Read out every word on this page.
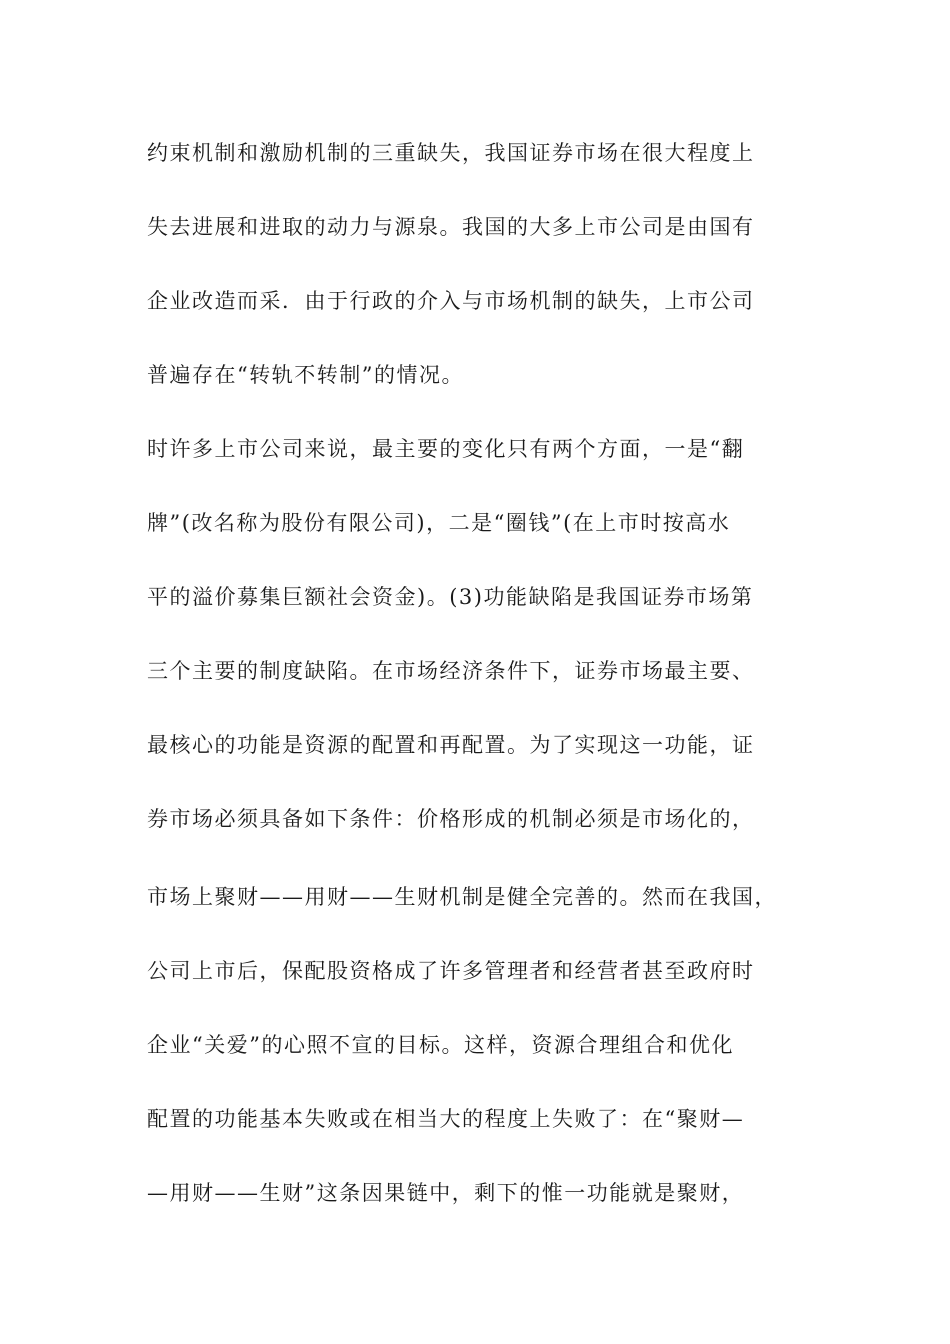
约束机制和激励机制的三重缺失，我国证券市场在很大程度上
失去进展和进取的动力与源泉。我国的大多上市公司是由国有
企业改造而采．由于行政的介入与市场机制的缺失，上市公司
普遍存在“转轨不转制”的情况。
时许多上市公司来说，最主要的变化只有两个方面，一是“翻
牌”(改名称为股份有限公司)，二是“圈钱”(在上市时按高水
平的溢价募集巨额社会资金)。(3)功能缺陷是我国证券市场第
三个主要的制度缺陷。在市场经济条件下，证券市场最主要、
最核心的功能是资源的配置和再配置。为了实现这一功能，证
券市场必须具备如下条件：价格形成的机制必须是市场化的，
市场上聚财——用财——生财机制是健全完善的。然而在我国，
公司上市后，保配股资格成了许多管理者和经营者甚至政府时
企业“关爱”的心照不宣的目标。这样，资源合理组合和优化
配置的功能基本失败或在相当大的程度上失败了：在“聚财—
—用财——生财”这条因果链中，剩下的惟一功能就是聚财，
